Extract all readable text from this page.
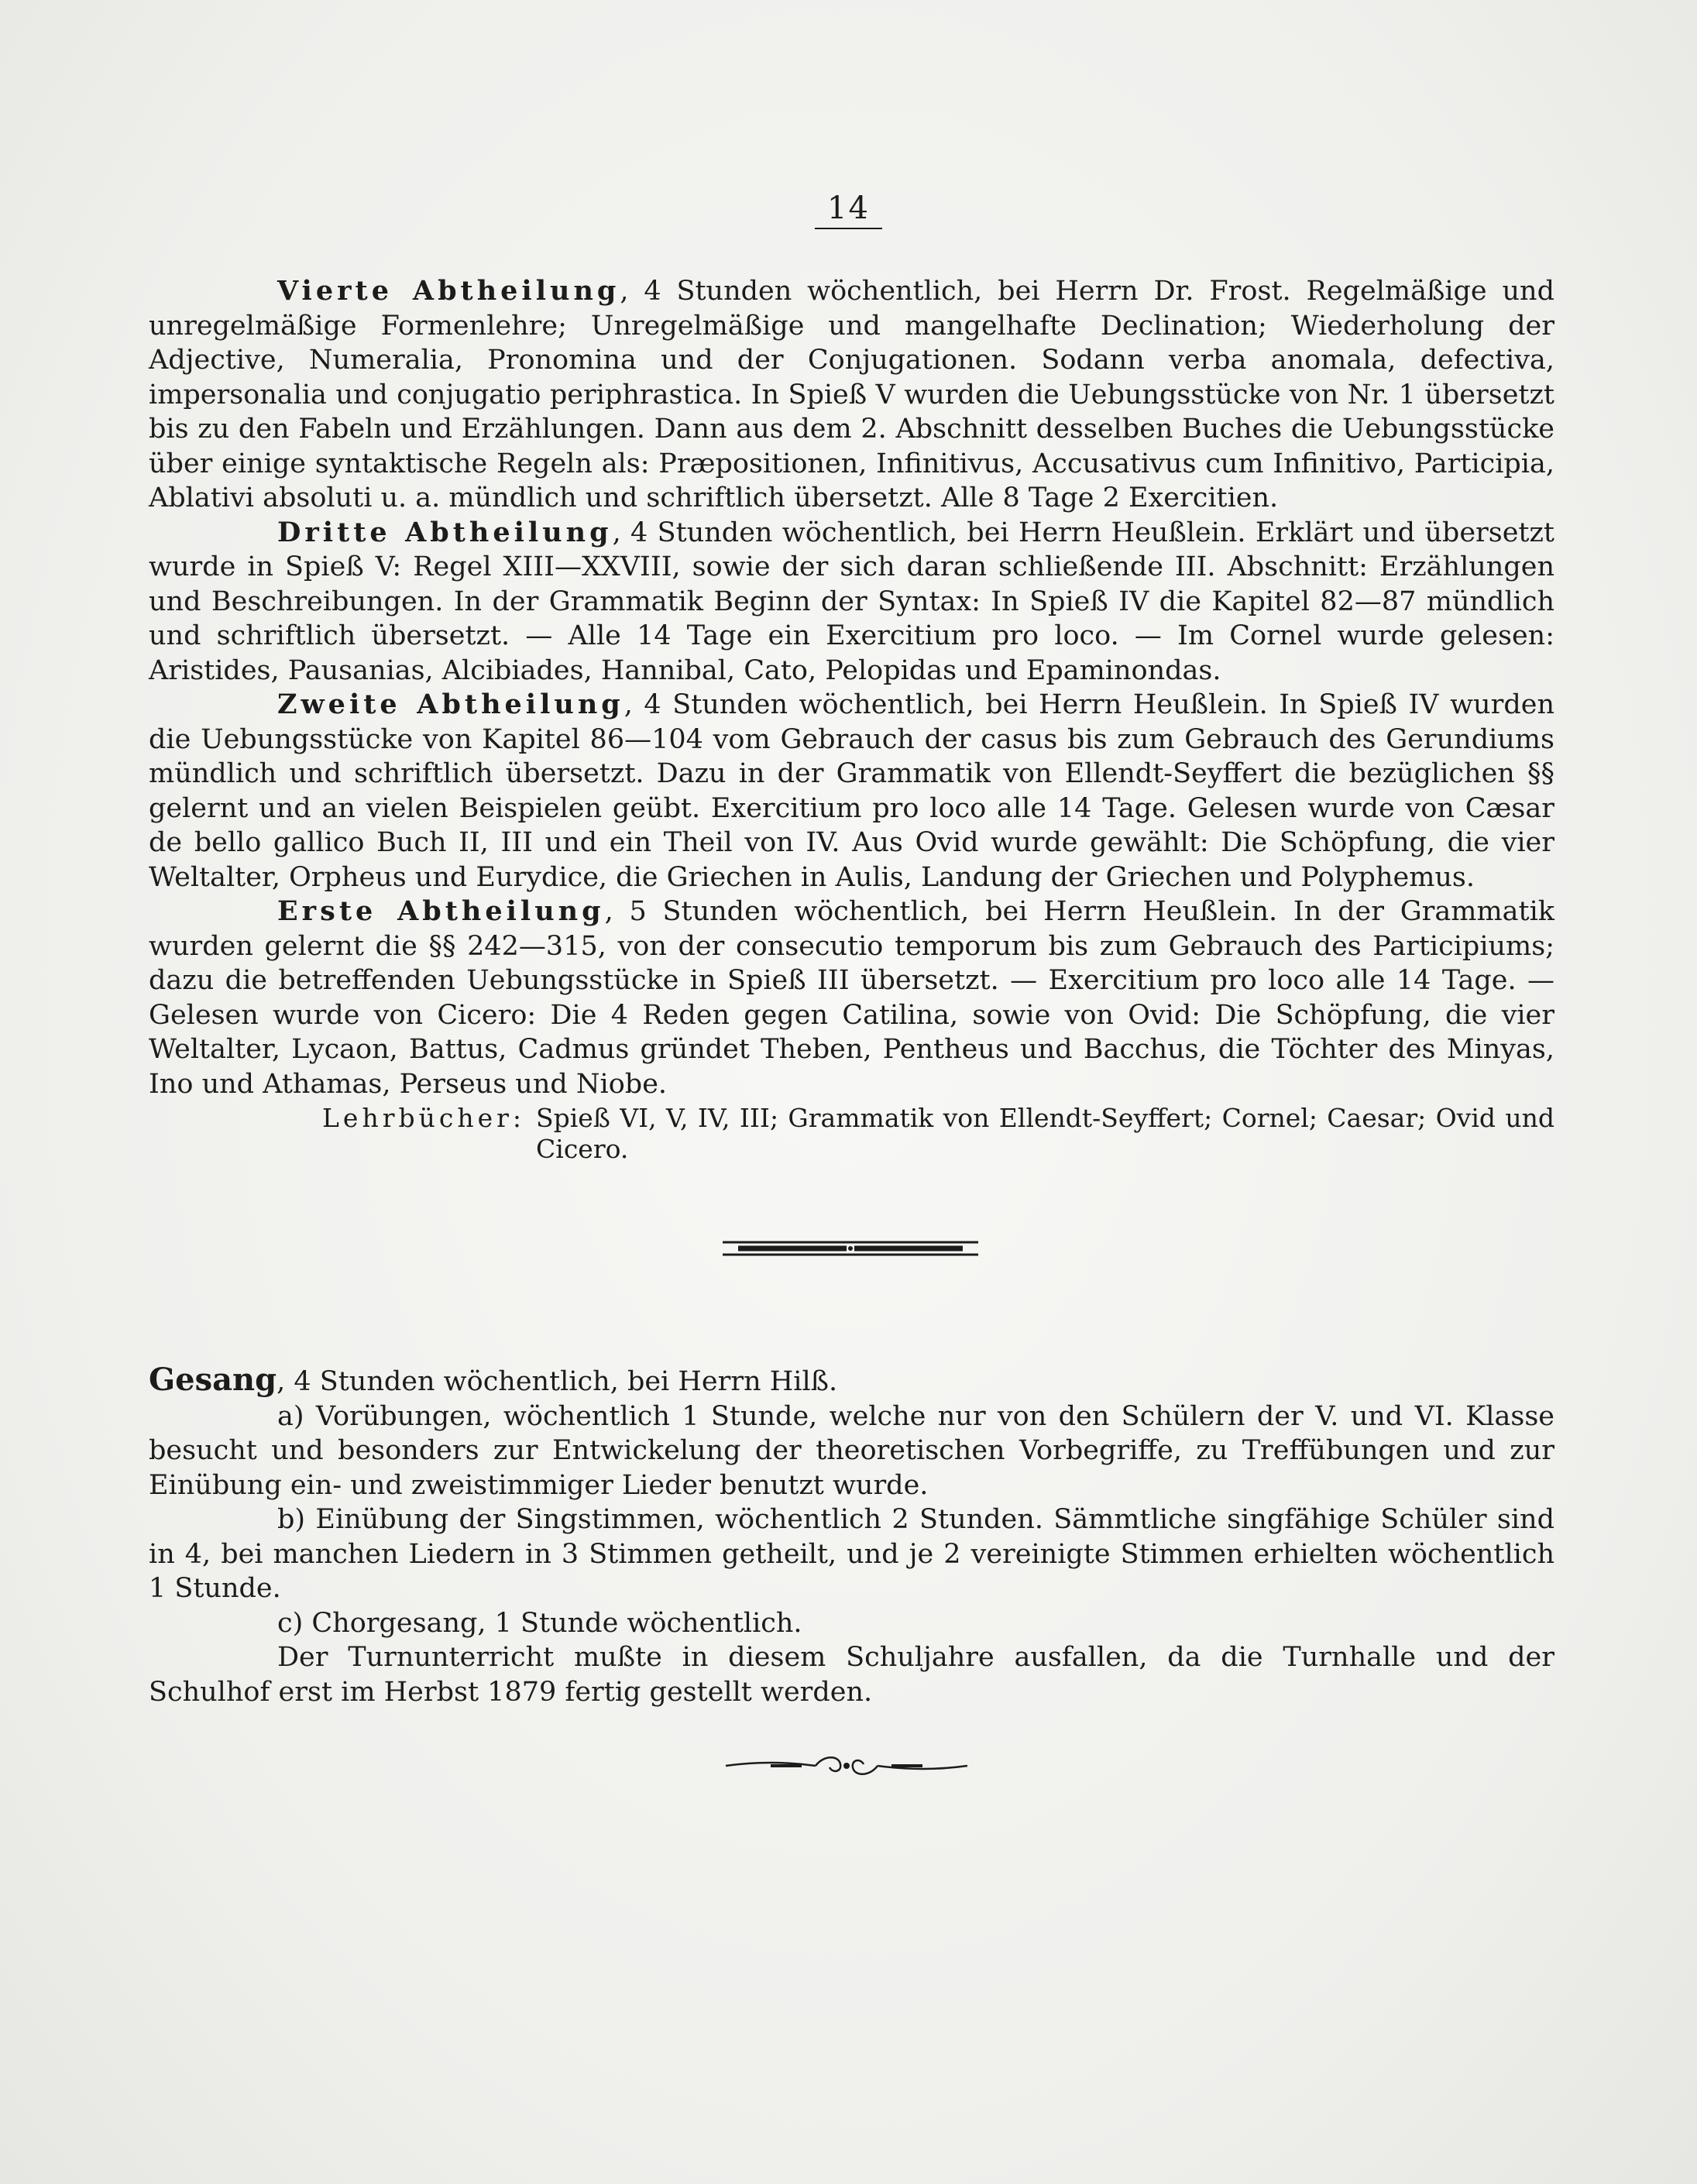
14

Vierte Abtheilung, 4 Stunden wöchentlich, bei Herrn Dr. Frost. Regelmäßige und unregelmäßige Formenlehre; Unregelmäßige und mangelhafte Declination; Wiederholung der Adjective, Numeralia, Pronomina und der Conjugationen. Sodann verba anomala, defectiva, impersonalia und conjugatio periphrastica. In Spieß V wurden die Uebungsstücke von Nr. 1 übersetzt bis zu den Fabeln und Erzählungen. Dann aus dem 2. Abschnitt desselben Buches die Uebungsstücke über einige syntaktische Regeln als: Præpositionen, Infinitivus, Accusativus cum Infinitivo, Participia, Ablativi absoluti u. a. mündlich und schriftlich übersetzt. Alle 8 Tage 2 Exercitien.

Dritte Abtheilung, 4 Stunden wöchentlich, bei Herrn Heußlein. Erklärt und übersetzt wurde in Spieß V: Regel XIII—XXVIII, sowie der sich daran schließende III. Abschnitt: Erzählungen und Beschreibungen. In der Grammatik Beginn der Syntax: In Spieß IV die Kapitel 82—87 mündlich und schriftlich übersetzt. — Alle 14 Tage ein Exercitium pro loco. — Im Cornel wurde gelesen: Aristides, Pausanias, Alcibiades, Hannibal, Cato, Pelopidas und Epaminondas.

Zweite Abtheilung, 4 Stunden wöchentlich, bei Herrn Heußlein. In Spieß IV wurden die Uebungsstücke von Kapitel 86—104 vom Gebrauch der casus bis zum Gebrauch des Gerundiums mündlich und schriftlich übersetzt. Dazu in der Grammatik von Ellendt-Seyffert die bezüglichen §§ gelernt und an vielen Beispielen geübt. Exercitium pro loco alle 14 Tage. Gelesen wurde von Cæsar de bello gallico Buch II, III und ein Theil von IV. Aus Ovid wurde gewählt: Die Schöpfung, die vier Weltalter, Orpheus und Eurydice, die Griechen in Aulis, Landung der Griechen und Polyphemus.

Erste Abtheilung, 5 Stunden wöchentlich, bei Herrn Heußlein. In der Grammatik wurden gelernt die §§ 242—315, von der consecutio temporum bis zum Gebrauch des Participiums; dazu die betreffenden Uebungsstücke in Spieß III übersetzt. — Exercitium pro loco alle 14 Tage. — Gelesen wurde von Cicero: Die 4 Reden gegen Catilina, sowie von Ovid: Die Schöpfung, die vier Weltalter, Lycaon, Battus, Cadmus gründet Theben, Pentheus und Bacchus, die Töchter des Minyas, Ino und Athamas, Perseus und Niobe.

Lehrbücher: Spieß VI, V, IV, III; Grammatik von Ellendt-Seyffert; Cornel; Caesar; Ovid und Cicero.

Gesang, 4 Stunden wöchentlich, bei Herrn Hilß.

a) Vorübungen, wöchentlich 1 Stunde, welche nur von den Schülern der V. und VI. Klasse besucht und besonders zur Entwickelung der theoretischen Vorbegriffe, zu Treffübungen und zur Einübung ein- und zweistimmiger Lieder benutzt wurde.

b) Einübung der Singstimmen, wöchentlich 2 Stunden. Sämmtliche singfähige Schüler sind in 4, bei manchen Liedern in 3 Stimmen getheilt, und je 2 vereinigte Stimmen erhielten wöchentlich 1 Stunde.

c) Chorgesang, 1 Stunde wöchentlich.

Der Turnunterricht mußte in diesem Schuljahre ausfallen, da die Turnhalle und der Schulhof erst im Herbst 1879 fertig gestellt werden.
